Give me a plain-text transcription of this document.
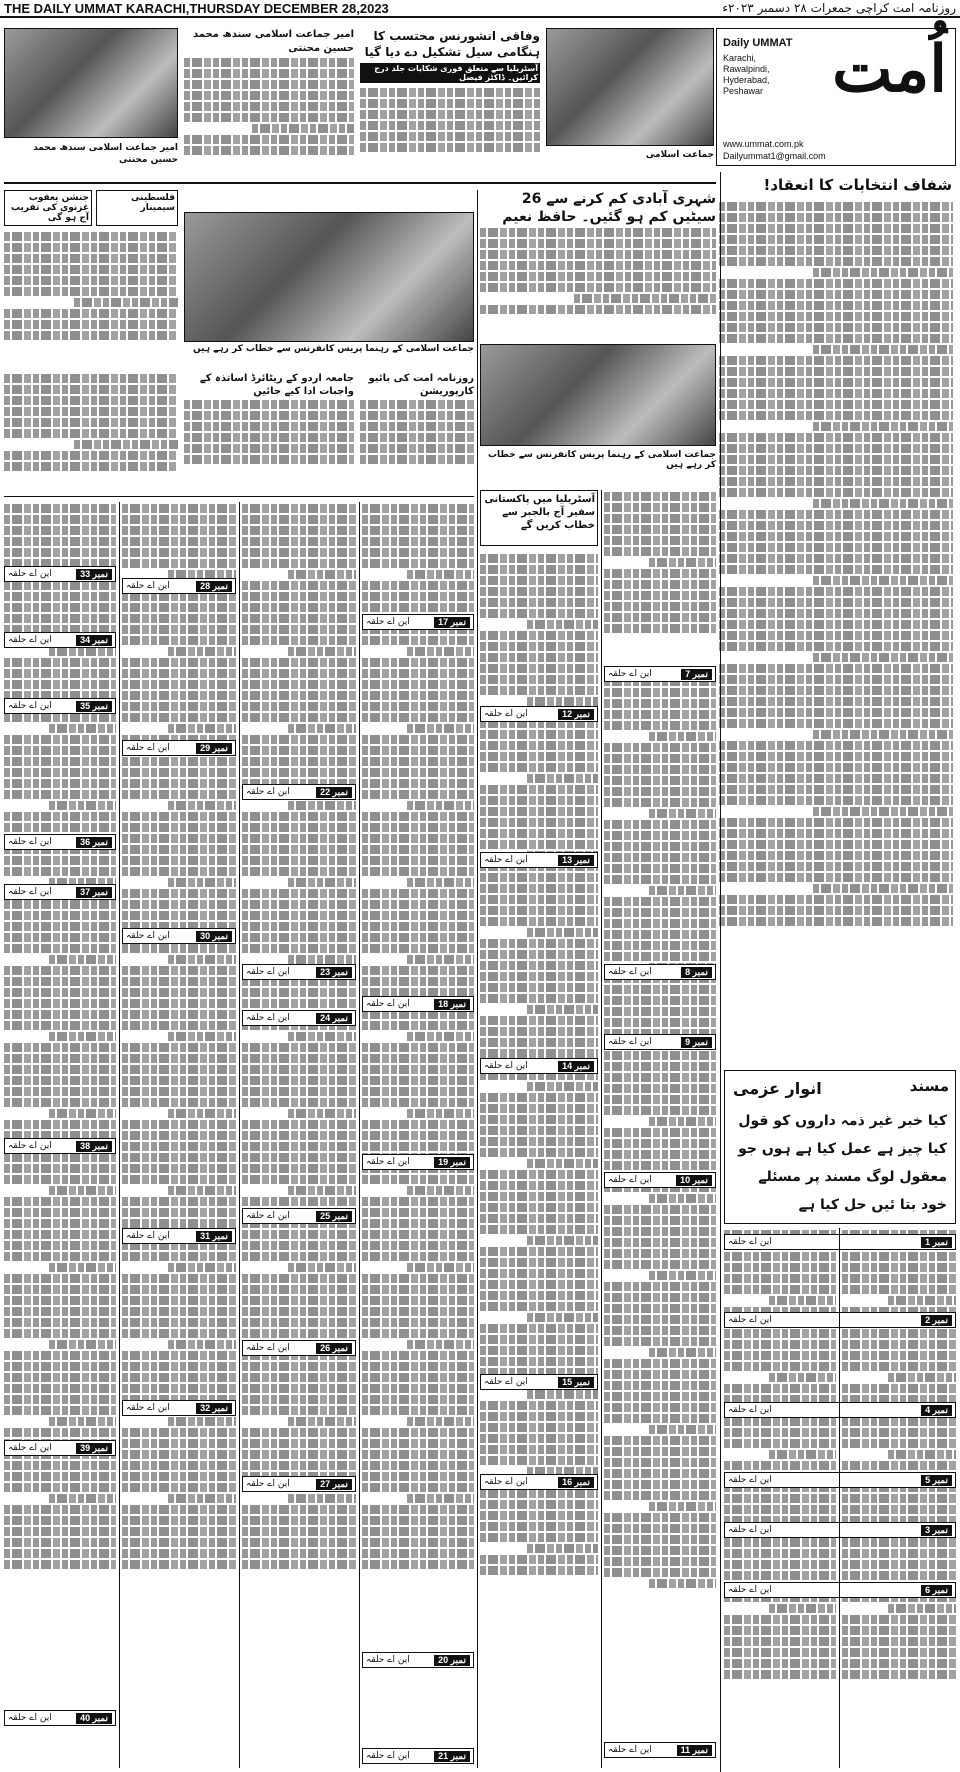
THE DAILY UMMAT KARACHI,THURSDAY DECEMBER 28,2023	روزنامہ امت کراچی جمعرات ۲۸ دسمبر ۲۰۲۳ء
اُمت
Daily UMMAT
Karachi, Rawalpindi, Hyderabad, Peshawar
www.ummat.com.pk
Dailyummat1@gmail.com
شفاف انتخابات کا انعقاد!
جماعت اسلامی
وفاقی انشورنس محتسب کا ہنگامی سیل تشکیل دے دیا گیا
آسٹریلیا سے متعلق فوری شکایات جلد درج کرائیں۔ ڈاکٹر فیصل
امیر جماعت اسلامی سندھ محمد حسین محنتی
امیر جماعت اسلامی سندھ محمد حسین محنتی
شہری آبادی کم کرنے سے 26 سیٹیں کم ہو گئیں۔ حافظ نعیم
جماعت اسلامی کے رہنما پریس کانفرنس سے خطاب کر رہے ہیں
فلسطینی سیمینار
جنشن یعقوب غزنوی کی تقریب آج ہو گی
جماعت اسلامی کے رہنما پریس کانفرنس سے خطاب کر رہے ہیں
روزنامہ امت کی بائیو کارپوریشن
جامعہ اردو کے ریٹائرڈ اساتذہ کے واجبات ادا کیے جائیں
آسٹریلیا میں پاکستانی سفیر آج بالجبر سے خطاب کریں گے
مسند
انوار عزمی
کیا خبر غیر ذمہ داروں کو قول کیا چیز ہے عمل کیا ہے ہوں جو معقول لوگ مسند پر مسئلے خود بتا ئیں حل کیا ہے
نمبر 1
این اے حلقہ
نمبر 2
این اے حلقہ
نمبر 3
این اے حلقہ
نمبر 4
این اے حلقہ
نمبر 5
این اے حلقہ
نمبر 6
این اے حلقہ
نمبر 7
این اے حلقہ
نمبر 8
این اے حلقہ
نمبر 9
این اے حلقہ
نمبر 10
این اے حلقہ
نمبر 11
این اے حلقہ
نمبر 12
این اے حلقہ
نمبر 13
این اے حلقہ
نمبر 14
این اے حلقہ
نمبر 15
این اے حلقہ
نمبر 16
این اے حلقہ
نمبر 17
این اے حلقہ
نمبر 18
این اے حلقہ
نمبر 19
این اے حلقہ
نمبر 20
این اے حلقہ
نمبر 21
این اے حلقہ
نمبر 22
این اے حلقہ
نمبر 23
این اے حلقہ
نمبر 24
این اے حلقہ
نمبر 25
این اے حلقہ
نمبر 26
این اے حلقہ
نمبر 27
این اے حلقہ
نمبر 28
این اے حلقہ
نمبر 29
این اے حلقہ
نمبر 30
این اے حلقہ
نمبر 31
این اے حلقہ
نمبر 32
این اے حلقہ
نمبر 33
این اے حلقہ
نمبر 34
این اے حلقہ
نمبر 35
این اے حلقہ
نمبر 36
این اے حلقہ
نمبر 37
این اے حلقہ
نمبر 38
این اے حلقہ
نمبر 39
این اے حلقہ
نمبر 40
این اے حلقہ
